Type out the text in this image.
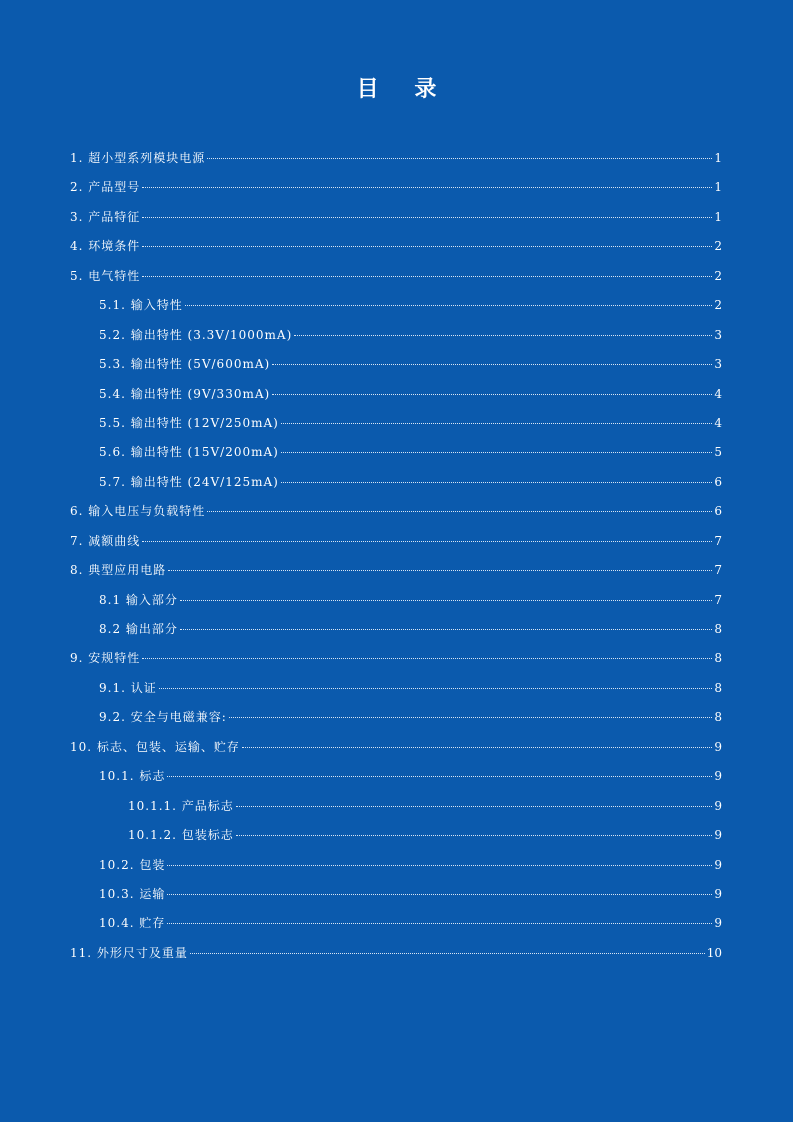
目 录
1. 超小型系列模块电源	1
2. 产品型号	1
3. 产品特征	1
4. 环境条件	2
5. 电气特性	2
5.1. 输入特性	2
5.2. 输出特性 (3.3V/1000mA)	3
5.3. 输出特性 (5V/600mA)	3
5.4. 输出特性 (9V/330mA)	4
5.5. 输出特性 (12V/250mA)	4
5.6. 输出特性 (15V/200mA)	5
5.7. 输出特性 (24V/125mA)	6
6. 输入电压与负载特性	6
7. 减额曲线	7
8. 典型应用电路	7
8.1 输入部分	7
8.2 输出部分	8
9. 安规特性	8
9.1. 认证	8
9.2. 安全与电磁兼容:	8
10. 标志、包装、运输、贮存	9
10.1. 标志	9
10.1.1. 产品标志	9
10.1.2. 包装标志	9
10.2. 包装	9
10.3. 运输	9
10.4. 贮存	9
11. 外形尺寸及重量	10
